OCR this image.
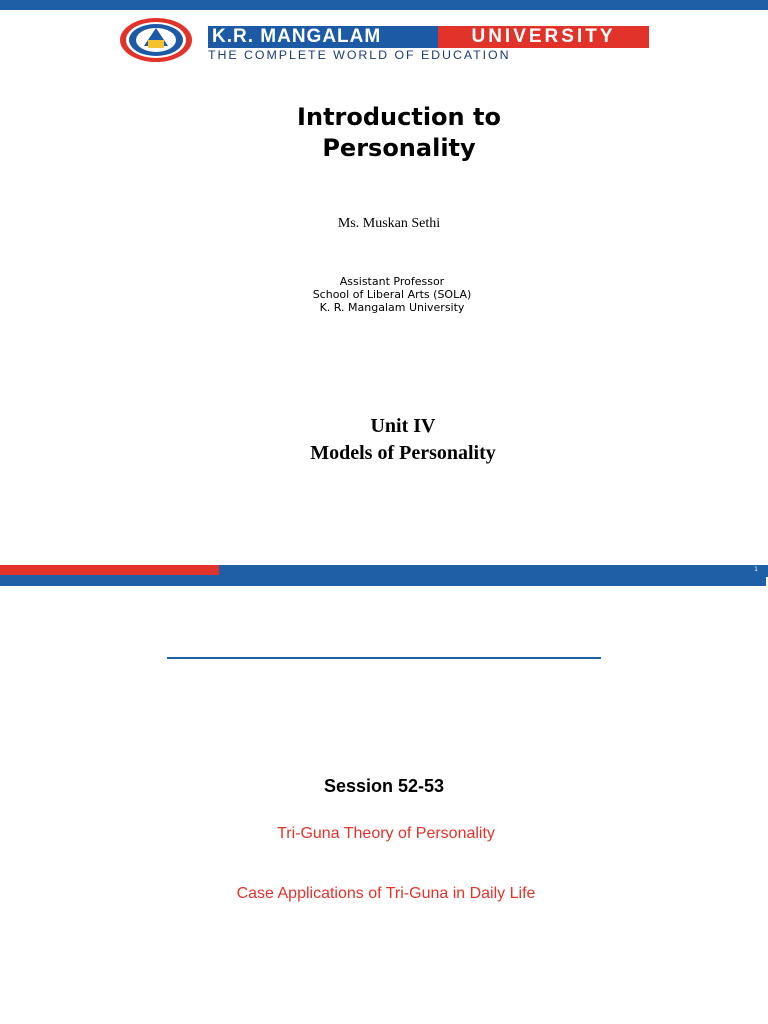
K.R. MANGALAM	UNIVERSITY
THE COMPLETE WORLD OF EDUCATION
Introduction to
Personality
Ms. Muskan Sethi
Assistant Professor
School of Liberal Arts (SOLA)
K. R. Mangalam University
Unit IV
Models of Personality
1
Session 52-53
Tri-Guna Theory of Personality
Case Applications of Tri-Guna in Daily Life
